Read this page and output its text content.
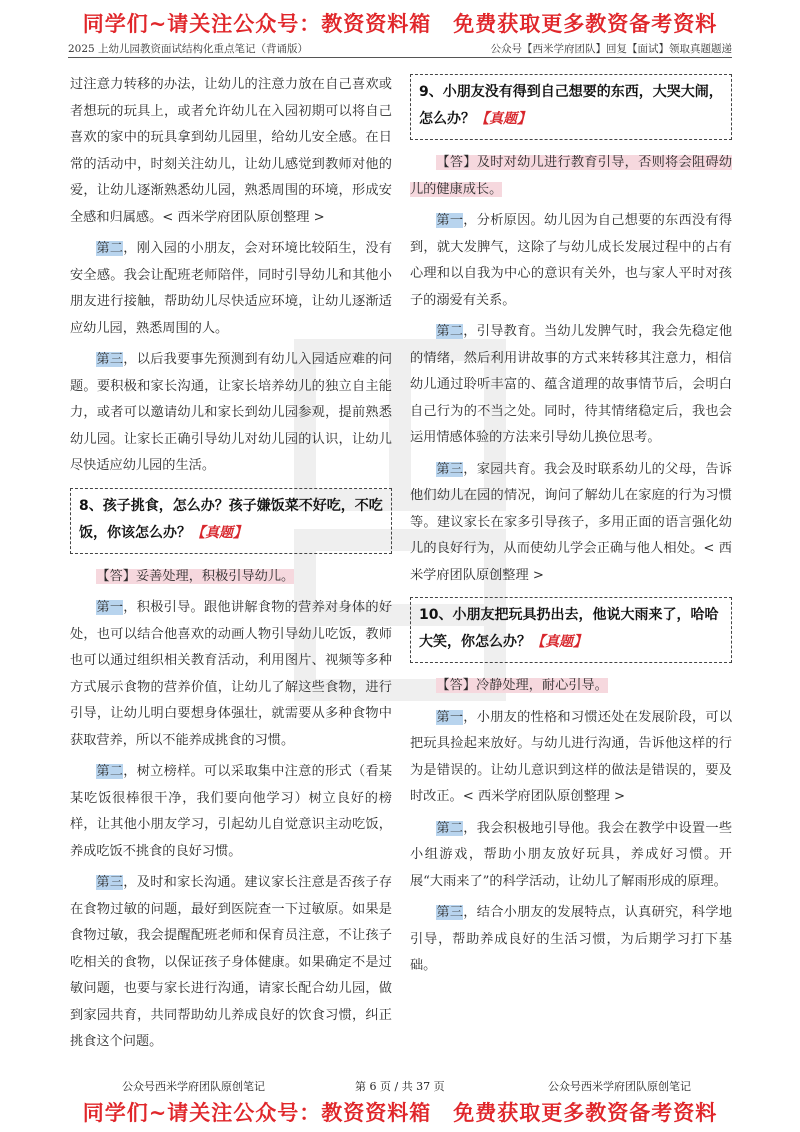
同学们~请关注公众号：教资资料箱　免费获取更多教资备考资料
2025 上幼儿园教资面试结构化重点笔记（背诵版）	公众号【西米学府团队】回复【面试】领取真题题递

过注意力转移的办法，让幼儿的注意力放在自己喜欢或者想玩的玩具上，或者允许幼儿在入园初期可以将自己喜欢的家中的玩具拿到幼儿园里，给幼儿安全感。在日常的活动中，时刻关注幼儿，让幼儿感觉到教师对他的爱，让幼儿逐渐熟悉幼儿园，熟悉周围的环境，形成安全感和归属感。< 西米学府团队原创整理 >

第二，刚入园的小朋友，会对环境比较陌生，没有安全感。我会让配班老师陪伴，同时引导幼儿和其他小朋友进行接触，帮助幼儿尽快适应环境，让幼儿逐渐适应幼儿园，熟悉周围的人。

第三，以后我要事先预测到有幼儿入园适应难的问题。要积极和家长沟通，让家长培养幼儿的独立自主能力，或者可以邀请幼儿和家长到幼儿园参观，提前熟悉幼儿园。让家长正确引导幼儿对幼儿园的认识，让幼儿尽快适应幼儿园的生活。

8、孩子挑食，怎么办？孩子嫌饭菜不好吃，不吃饭，你该怎么办？【真题】

【答】妥善处理，积极引导幼儿。

第一，积极引导。跟他讲解食物的营养对身体的好处，也可以结合他喜欢的动画人物引导幼儿吃饭，教师也可以通过组织相关教育活动，利用图片、视频等多种方式展示食物的营养价值，让幼儿了解这些食物，进行引导，让幼儿明白要想身体强壮，就需要从多种食物中获取营养，所以不能养成挑食的习惯。

第二，树立榜样。可以采取集中注意的形式（看某某吃饭很棒很干净，我们要向他学习）树立良好的榜样，让其他小朋友学习，引起幼儿自觉意识主动吃饭，养成吃饭不挑食的良好习惯。

第三，及时和家长沟通。建议家长注意是否孩子存在食物过敏的问题，最好到医院查一下过敏原。如果是食物过敏，我会提醒配班老师和保育员注意，不让孩子吃相关的食物，以保证孩子身体健康。如果确定不是过敏问题，也要与家长进行沟通，请家长配合幼儿园，做到家园共育，共同帮助幼儿养成良好的饮食习惯，纠正挑食这个问题。

9、小朋友没有得到自己想要的东西，大哭大闹，怎么办？【真题】

【答】及时对幼儿进行教育引导，否则将会阻碍幼儿的健康成长。

第一，分析原因。幼儿因为自己想要的东西没有得到，就大发脾气，这除了与幼儿成长发展过程中的占有心理和以自我为中心的意识有关外，也与家人平时对孩子的溺爱有关系。

第二，引导教育。当幼儿发脾气时，我会先稳定他的情绪，然后利用讲故事的方式来转移其注意力，相信幼儿通过聆听丰富的、蕴含道理的故事情节后，会明白自己行为的不当之处。同时，待其情绪稳定后，我也会运用情感体验的方法来引导幼儿换位思考。

第三，家园共育。我会及时联系幼儿的父母，告诉他们幼儿在园的情况，询问了解幼儿在家庭的行为习惯等。建议家长在家多引导孩子，多用正面的语言强化幼儿的良好行为，从而使幼儿学会正确与他人相处。< 西米学府团队原创整理 >

10、小朋友把玩具扔出去，他说大雨来了，哈哈大笑，你怎么办？【真题】

【答】冷静处理，耐心引导。

第一，小朋友的性格和习惯还处在发展阶段，可以把玩具捡起来放好。与幼儿进行沟通，告诉他这样的行为是错误的。让幼儿意识到这样的做法是错误的，要及时改正。< 西米学府团队原创整理 >

第二，我会积极地引导他。我会在教学中设置一些小组游戏，帮助小朋友放好玩具，养成好习惯。开展“大雨来了”的科学活动，让幼儿了解雨形成的原理。

第三，结合小朋友的发展特点，认真研究，科学地引导，帮助养成良好的生活习惯，为后期学习打下基础。

公众号西米学府团队原创笔记	第 6 页 / 共 37 页	公众号西米学府团队原创笔记
同学们~请关注公众号：教资资料箱　免费获取更多教资备考资料
